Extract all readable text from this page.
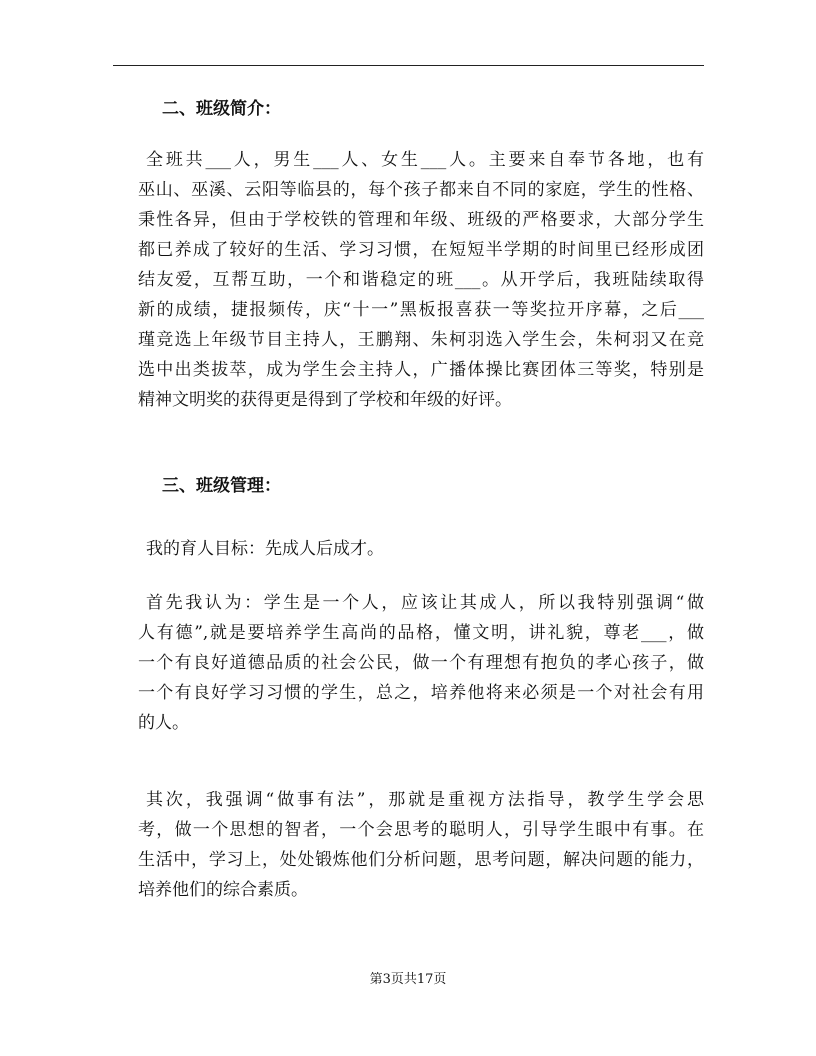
二、班级简介：
全班共___人，男生___人、女生___人。主要来自奉节各地，也有
巫山、巫溪、云阳等临县的，每个孩子都来自不同的家庭，学生的性格、
秉性各异，但由于学校铁的管理和年级、班级的严格要求，大部分学生
都已养成了较好的生活、学习习惯，在短短半学期的时间里已经形成团
结友爱，互帮互助，一个和谐稳定的班___。从开学后，我班陆续取得
新的成绩，捷报频传，庆“十一”黑板报喜获一等奖拉开序幕，之后___
瑾竞选上年级节目主持人，王鹏翔、朱柯羽选入学生会，朱柯羽又在竞
选中出类拔萃，成为学生会主持人，广播体操比赛团体三等奖，特别是
精神文明奖的获得更是得到了学校和年级的好评。
三、班级管理：
我的育人目标：先成人后成才。
首先我认为：学生是一个人，应该让其成人，所以我特别强调“做
人有德”,就是要培养学生高尚的品格，懂文明，讲礼貌，尊老___，做
一个有良好道德品质的社会公民，做一个有理想有抱负的孝心孩子，做
一个有良好学习习惯的学生，总之，培养他将来必须是一个对社会有用
的人。
其次，我强调“做事有法”，那就是重视方法指导，教学生学会思
考，做一个思想的智者，一个会思考的聪明人，引导学生眼中有事。在
生活中，学习上，处处锻炼他们分析问题，思考问题，解决问题的能力，
培养他们的综合素质。
第3页共17页
